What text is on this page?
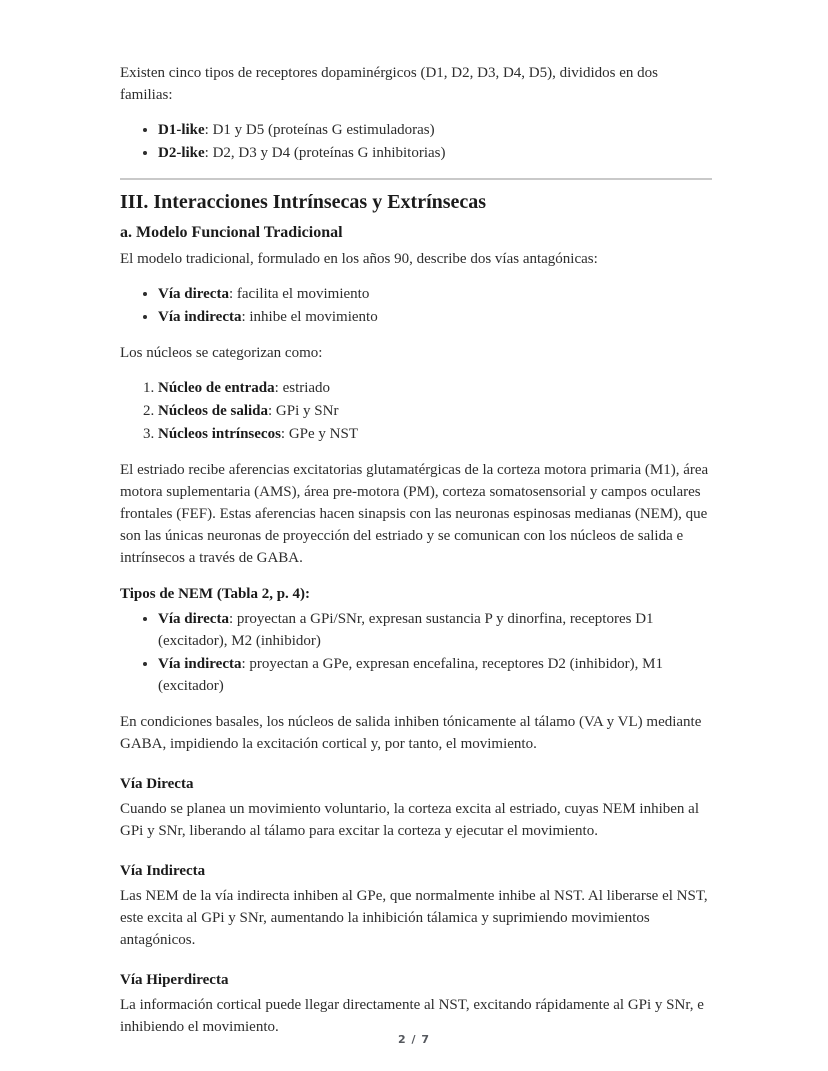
Existen cinco tipos de receptores dopaminérgicos (D1, D2, D3, D4, D5), divididos en dos familias:

• D1-like: D1 y D5 (proteínas G estimuladoras)
• D2-like: D2, D3 y D4 (proteínas G inhibitorias)
III. Interacciones Intrínsecas y Extrínsecas
a. Modelo Funcional Tradicional

El modelo tradicional, formulado en los años 90, describe dos vías antagónicas:

• Vía directa: facilita el movimiento
• Vía indirecta: inhibe el movimiento

Los núcleos se categorizan como:

1. Núcleo de entrada: estriado
2. Núcleos de salida: GPi y SNr
3. Núcleos intrínsecos: GPe y NST

El estriado recibe aferencias excitatorias glutamatérgicas de la corteza motora primaria (M1), área motora suplementaria (AMS), área pre-motora (PM), corteza somatosensorial y campos oculares frontales (FEF). Estas aferencias hacen sinapsis con las neuronas espinosas medianas (NEM), que son las únicas neuronas de proyección del estriado y se comunican con los núcleos de salida e intrínsecos a través de GABA.

Tipos de NEM (Tabla 2, p. 4):
• Vía directa: proyectan a GPi/SNr, expresan sustancia P y dinorfina, receptores D1 (excitador), M2 (inhibidor)
• Vía indirecta: proyectan a GPe, expresan encefalina, receptores D2 (inhibidor), M1 (excitador)

En condiciones basales, los núcleos de salida inhiben tónicamente al tálamo (VA y VL) mediante GABA, impidiendo la excitación cortical y, por tanto, el movimiento.

Vía Directa

Cuando se planea un movimiento voluntario, la corteza excita al estriado, cuyas NEM inhiben al GPi y SNr, liberando al tálamo para excitar la corteza y ejecutar el movimiento.

Vía Indirecta

Las NEM de la vía indirecta inhiben al GPe, que normalmente inhibe al NST. Al liberarse el NST, este excita al GPi y SNr, aumentando la inhibición tálamica y suprimiendo movimientos antagónicos.

Vía Hiperdirecta

La información cortical puede llegar directamente al NST, excitando rápidamente al GPi y SNr, e inhibiendo el movimiento.

2 / 7
